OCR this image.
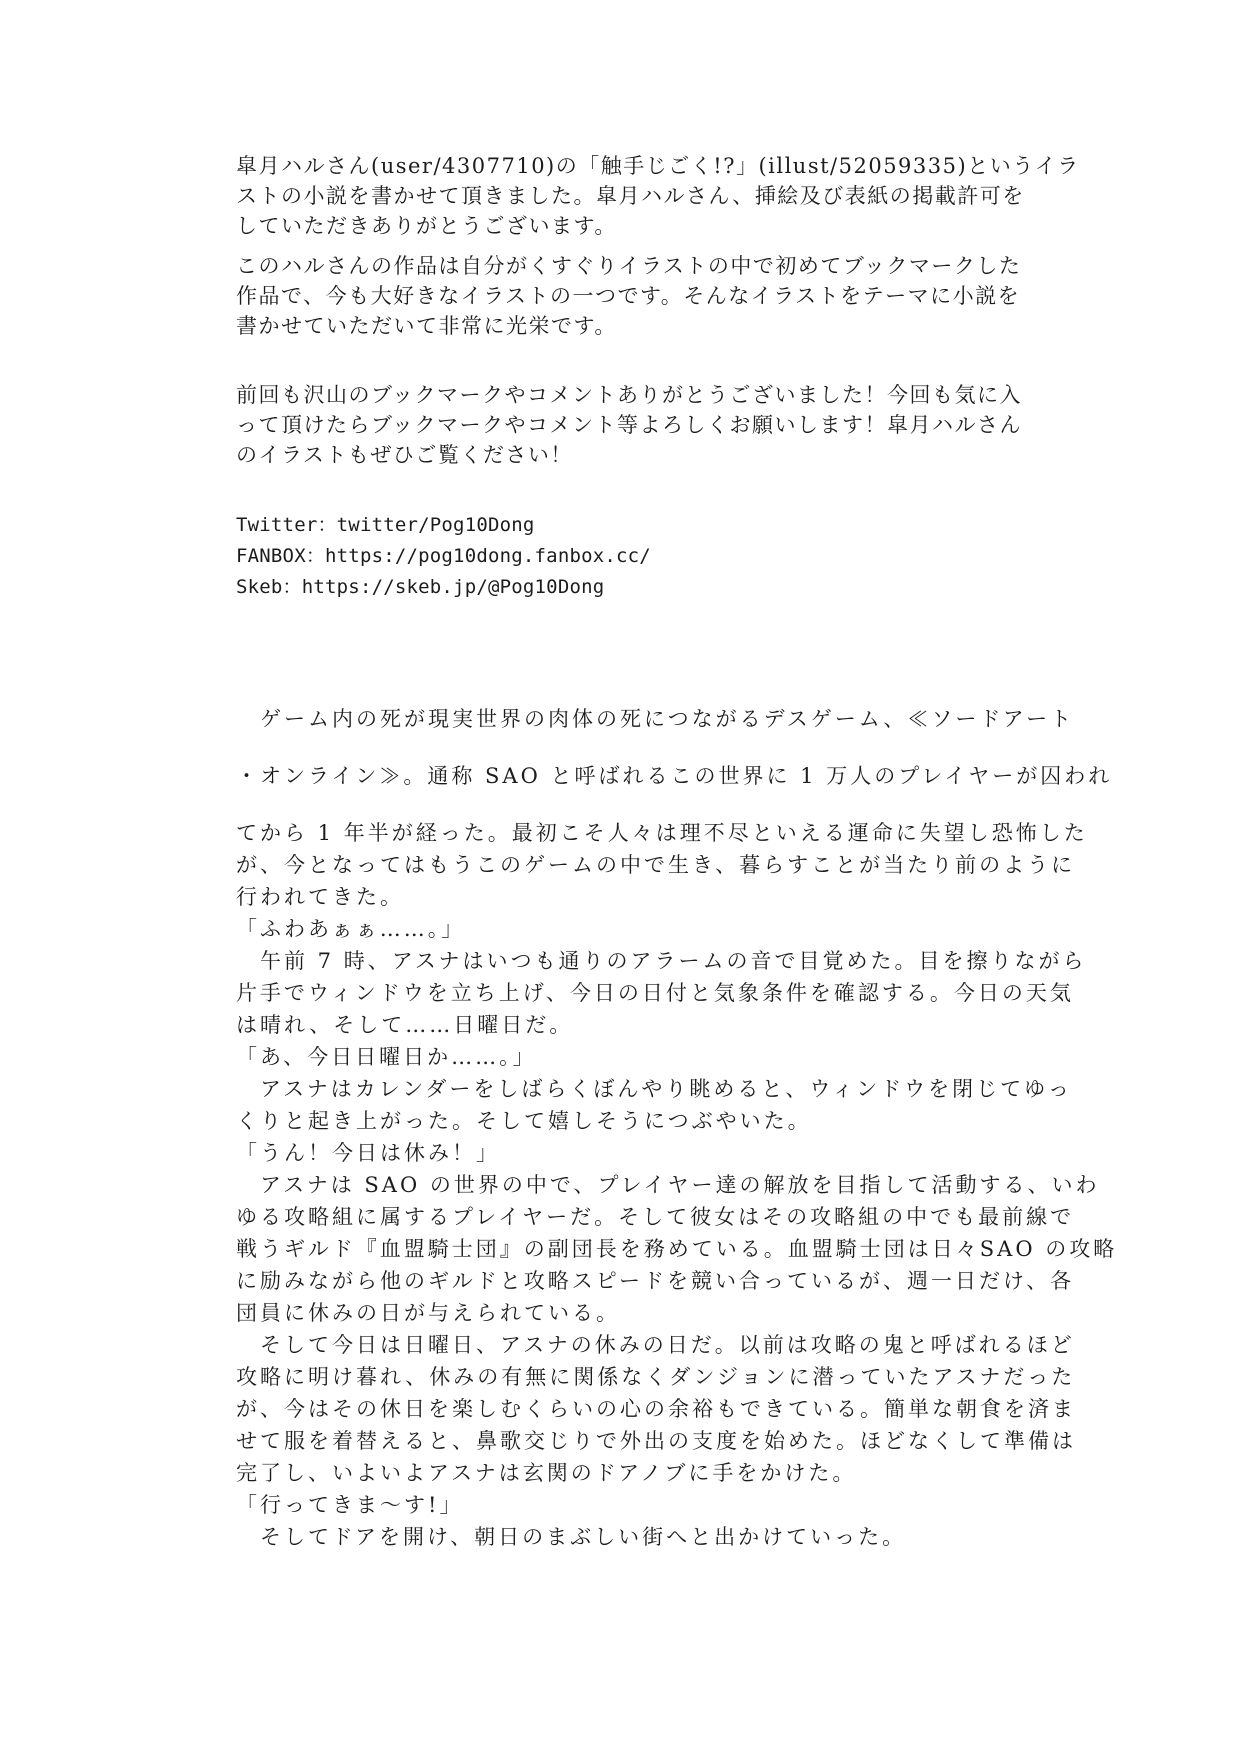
皐月ハルさん(user/4307710)の「触手じごく!?」(illust/52059335)というイラ
ストの小説を書かせて頂きました。皐月ハルさん、挿絵及び表紙の掲載許可を
していただきありがとうございます。
このハルさんの作品は自分がくすぐりイラストの中で初めてブックマークした
作品で、今も大好きなイラストの一つです。そんなイラストをテーマに小説を
書かせていただいて非常に光栄です。
前回も沢山のブックマークやコメントありがとうございました！今回も気に入
って頂けたらブックマークやコメント等よろしくお願いします！皐月ハルさん
のイラストもぜひご覧ください！
Twitter：twitter/Pog10Dong
FANBOX：https://pog10dong.fanbox.cc/
Skeb：https://skeb.jp/@Pog10Dong
　ゲーム内の死が現実世界の肉体の死につながるデスゲーム、≪ソードアート
・オンライン≫。通称 SAO と呼ばれるこの世界に 1 万人のプレイヤーが囚われ
てから 1 年半が経った。最初こそ人々は理不尽といえる運命に失望し恐怖した
が、今となってはもうこのゲームの中で生き、暮らすことが当たり前のように
行われてきた。
「ふわあぁぁ……。」
　午前 7 時、アスナはいつも通りのアラームの音で目覚めた。目を擦りながら
片手でウィンドウを立ち上げ、今日の日付と気象条件を確認する。今日の天気
は晴れ、そして……日曜日だ。
「あ、今日日曜日か……。」
　アスナはカレンダーをしばらくぼんやり眺めると、ウィンドウを閉じてゆっ
くりと起き上がった。そして嬉しそうにつぶやいた。
「うん！今日は休み！」
　アスナは SAO の世界の中で、プレイヤー達の解放を目指して活動する、いわ
ゆる攻略組に属するプレイヤーだ。そして彼女はその攻略組の中でも最前線で
戦うギルド『血盟騎士団』の副団長を務めている。血盟騎士団は日々SAO の攻略
に励みながら他のギルドと攻略スピードを競い合っているが、週一日だけ、各
団員に休みの日が与えられている。
　そして今日は日曜日、アスナの休みの日だ。以前は攻略の鬼と呼ばれるほど
攻略に明け暮れ、休みの有無に関係なくダンジョンに潜っていたアスナだった
が、今はその休日を楽しむくらいの心の余裕もできている。簡単な朝食を済ま
せて服を着替えると、鼻歌交じりで外出の支度を始めた。ほどなくして準備は
完了し、いよいよアスナは玄関のドアノブに手をかけた。
「行ってきま～す!」
　そしてドアを開け、朝日のまぶしい街へと出かけていった。
